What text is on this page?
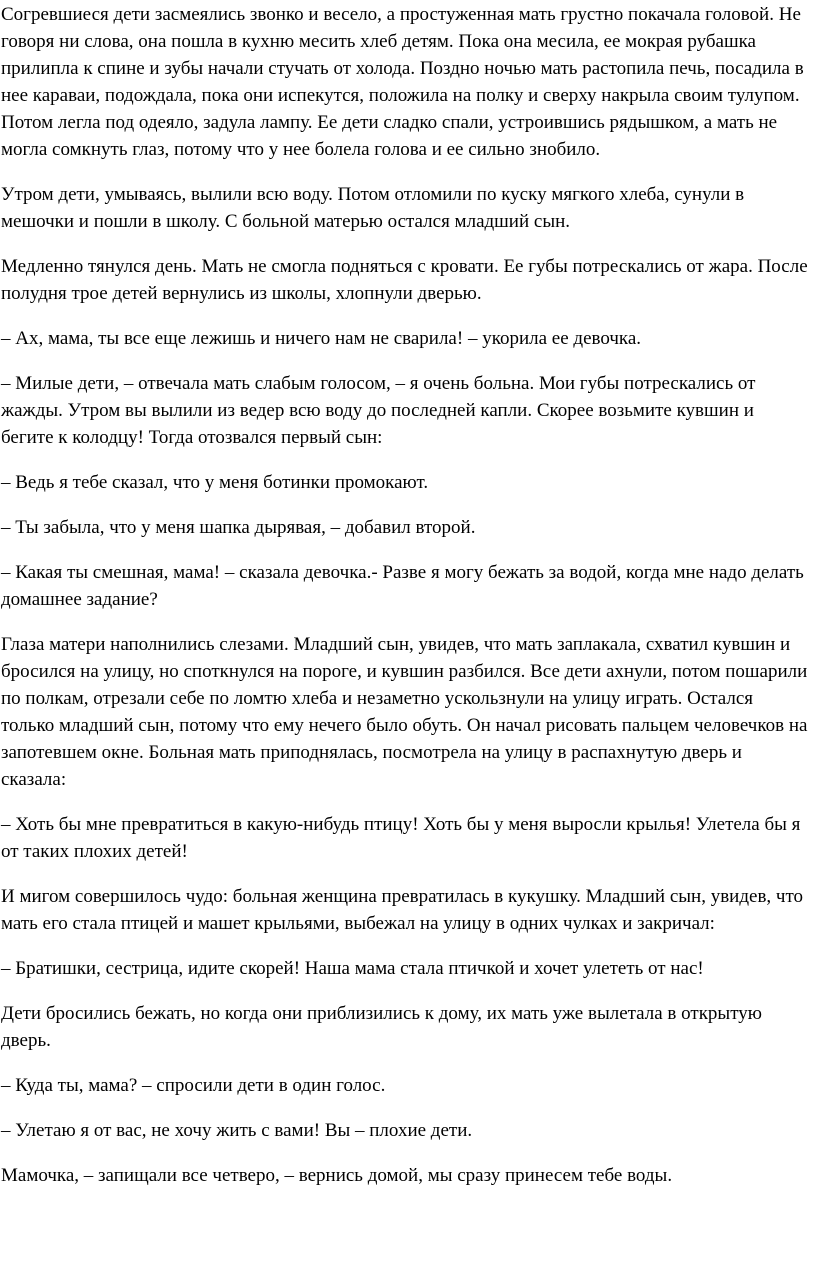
Согревшиеся дети засмеялись звонко и весело, а простуженная мать грустно покачала головой. Не говоря ни слова, она пошла в кухню месить хлеб детям. Пока она месила, ее мокрая рубашка прилипла к спине и зубы начали стучать от холода. Поздно ночью мать растопила печь, посадила в нее караваи, подождала, пока они испекутся, положила на полку и сверху накрыла своим тулупом. Потом легла под одеяло, задула лампу. Ее дети сладко спали, устроившись рядышком, а мать не могла сомкнуть глаз, потому что у нее болела голова и ее сильно знобило.

Утром дети, умываясь, вылили всю воду. Потом отломили по куску мягкого хлеба, сунули в мешочки и пошли в школу. С больной матерью остался младший сын.

Медленно тянулся день. Мать не смогла подняться с кровати. Ее губы потрескались от жара. После полудня трое детей вернулись из школы, хлопнули дверью.

– Ах, мама, ты все еще лежишь и ничего нам не сварила! – укорила ее девочка.

– Милые дети, – отвечала мать слабым голосом, – я очень больна. Мои губы потрескались от жажды. Утром вы вылили из ведер всю воду до последней капли. Скорее возьмите кувшин и бегите к колодцу! Тогда отозвался первый сын:

– Ведь я тебе сказал, что у меня ботинки промокают.

– Ты забыла, что у меня шапка дырявая, – добавил второй.

– Какая ты смешная, мама! – сказала девочка.- Разве я могу бежать за водой, когда мне надо делать домашнее задание?

Глаза матери наполнились слезами. Младший сын, увидев, что мать заплакала, схватил кувшин и бросился на улицу, но споткнулся на пороге, и кувшин разбился. Все дети ахнули, потом пошарили по полкам, отрезали себе по ломтю хлеба и незаметно ускользнули на улицу играть. Остался только младший сын, потому что ему нечего было обуть. Он начал рисовать пальцем человечков на запотевшем окне. Больная мать приподнялась, посмотрела на улицу в распахнутую дверь и сказала:

– Хоть бы мне превратиться в какую-нибудь птицу! Хоть бы у меня выросли крылья! Улетела бы я от таких плохих детей!

И мигом совершилось чудо: больная женщина превратилась в кукушку. Младший сын, увидев, что мать его стала птицей и машет крыльями, выбежал на улицу в одних чулках и закричал:

– Братишки, сестрица, идите скорей! Наша мама стала птичкой и хочет улететь от нас!

Дети бросились бежать, но когда они приблизились к дому, их мать уже вылетала в открытую дверь.

– Куда ты, мама? – спросили дети в один голос.

– Улетаю я от вас, не хочу жить с вами! Вы – плохие дети.

Мамочка, – запищали все четверо, – вернись домой, мы сразу принесем тебе воды.
